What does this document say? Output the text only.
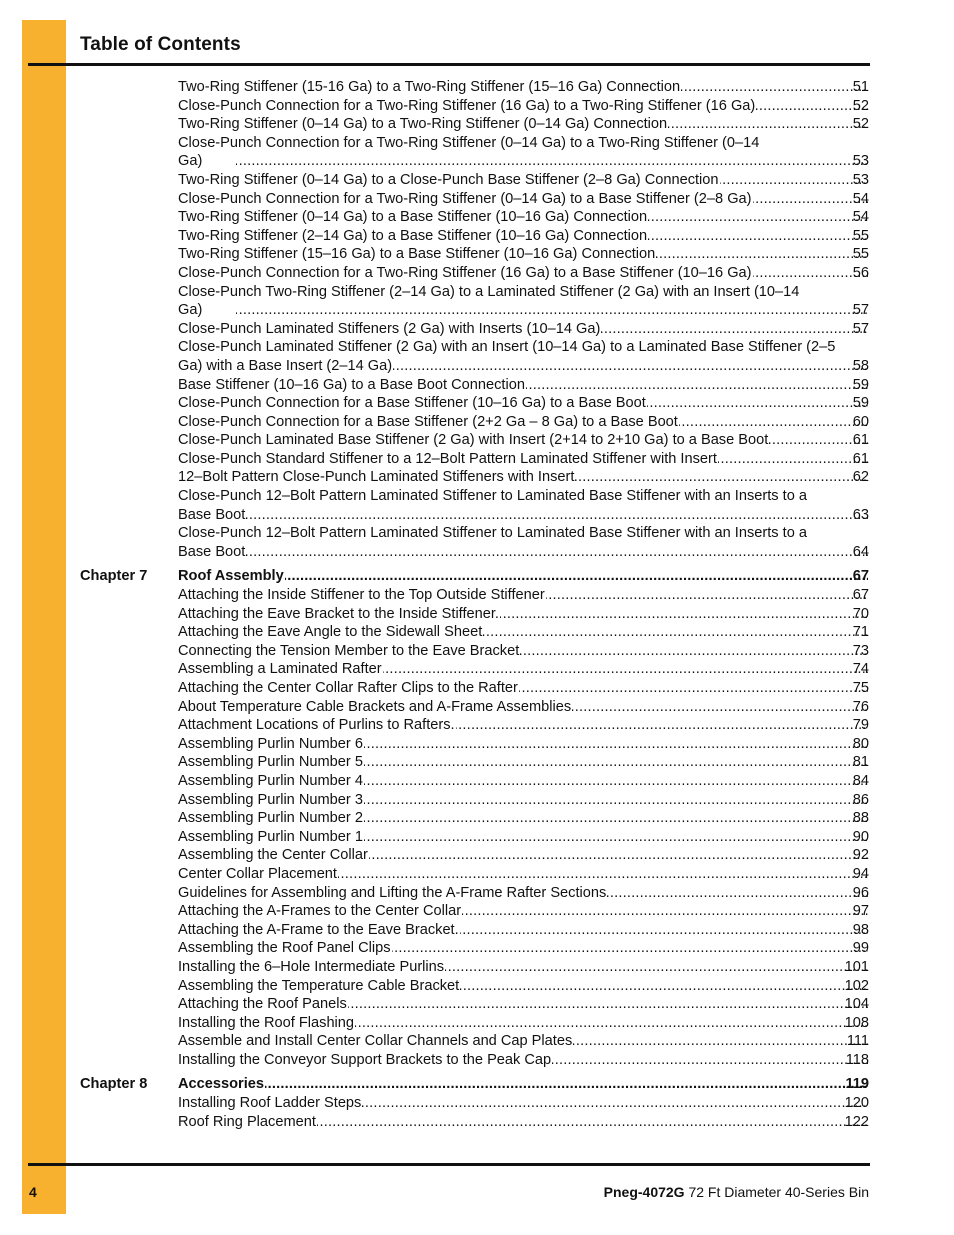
Table of Contents
Two-Ring Stiffener (15-16 Ga) to a Two-Ring Stiffener (15–16 Ga) Connection .....	51
Close-Punch Connection for a Two-Ring Stiffener (16 Ga) to a Two-Ring Stiffener (16 Ga) .....	52
Two-Ring Stiffener (0–14 Ga) to a Two-Ring Stiffener (0–14 Ga) Connection .....	52
Close-Punch Connection for a Two-Ring Stiffener (0–14 Ga) to a Two-Ring Stiffener (0–14
Ga) .....	53
Two-Ring Stiffener (0–14 Ga) to a Close-Punch Base Stiffener (2–8 Ga) Connection .....	53
Close-Punch Connection for a Two-Ring Stiffener (0–14 Ga) to a Base Stiffener (2–8 Ga) .....	54
Two-Ring Stiffener (0–14 Ga) to a Base Stiffener (10–16 Ga) Connection .....	54
Two-Ring Stiffener (2–14 Ga) to a Base Stiffener (10–16 Ga) Connection .....	55
Two-Ring Stiffener (15–16 Ga) to a Base Stiffener (10–16 Ga) Connection .....	55
Close-Punch Connection for a Two-Ring Stiffener (16 Ga) to a Base Stiffener (10–16 Ga) .....	56
Close-Punch Two-Ring Stiffener (2–14 Ga) to a Laminated Stiffener (2 Ga) with an Insert (10–14
Ga) .....	57
Close-Punch Laminated Stiffeners (2 Ga) with Inserts (10–14 Ga) .....	57
Close-Punch Laminated Stiffener (2 Ga) with an Insert (10–14 Ga) to a Laminated Base Stiffener (2–5
Ga) with a Base Insert (2–14 Ga) .....	58
Base Stiffener (10–16 Ga) to a Base Boot Connection .....	59
Close-Punch Connection for a Base Stiffener (10–16 Ga) to a Base Boot .....	59
Close-Punch Connection for a Base Stiffener (2+2 Ga – 8 Ga) to a Base Boot .....	60
Close-Punch Laminated Base Stiffener (2 Ga) with Insert (2+14 to 2+10 Ga) to a Base Boot .....	61
Close-Punch Standard Stiffener to a 12–Bolt Pattern Laminated Stiffener with Insert .....	61
12–Bolt Pattern Close-Punch Laminated Stiffeners with Insert .....	62
Close-Punch 12–Bolt Pattern Laminated Stiffener to Laminated Base Stiffener with an Inserts to a
Base Boot .....	63
Close-Punch 12–Bolt Pattern Laminated Stiffener to Laminated Base Stiffener with an Inserts to a
Base Boot .....	64
Chapter 7 Roof Assembly .....	67
Attaching the Inside Stiffener to the Top Outside Stiffener .....	67
Attaching the Eave Bracket to the Inside Stiffener. .....	70
Attaching the Eave Angle to the Sidewall Sheet .....	71
Connecting the Tension Member to the Eave Bracket .....	73
Assembling a Laminated Rafter .....	74
Attaching the Center Collar Rafter Clips to the Rafter .....	75
About Temperature Cable Brackets and A-Frame Assemblies .....	76
Attachment Locations of Purlins to Rafters. .....	79
Assembling Purlin Number 6 .....	80
Assembling Purlin Number 5 .....	81
Assembling Purlin Number 4 .....	84
Assembling Purlin Number 3 .....	86
Assembling Purlin Number 2 .....	88
Assembling Purlin Number 1 .....	90
Assembling the Center Collar .....	92
Center Collar Placement .....	94
Guidelines for Assembling and Lifting the A-Frame Rafter Sections .....	96
Attaching the A-Frames to the Center Collar .....	97
Attaching the A-Frame to the Eave Bracket. .....	98
Assembling the Roof Panel Clips .....	99
Installing the 6–Hole Intermediate Purlins .....	101
Assembling the Temperature Cable Bracket .....	102
Attaching the Roof Panels .....	104
Installing the Roof Flashing .....	108
Assemble and Install Center Collar Channels and Cap Plates .....	111
Installing the Conveyor Support Brackets to the Peak Cap .....	118
Chapter 8 Accessories .....	119
Installing Roof Ladder Steps .....	120
Roof Ring Placement .....	122
4	Pneg-4072G 72 Ft Diameter 40-Series Bin
